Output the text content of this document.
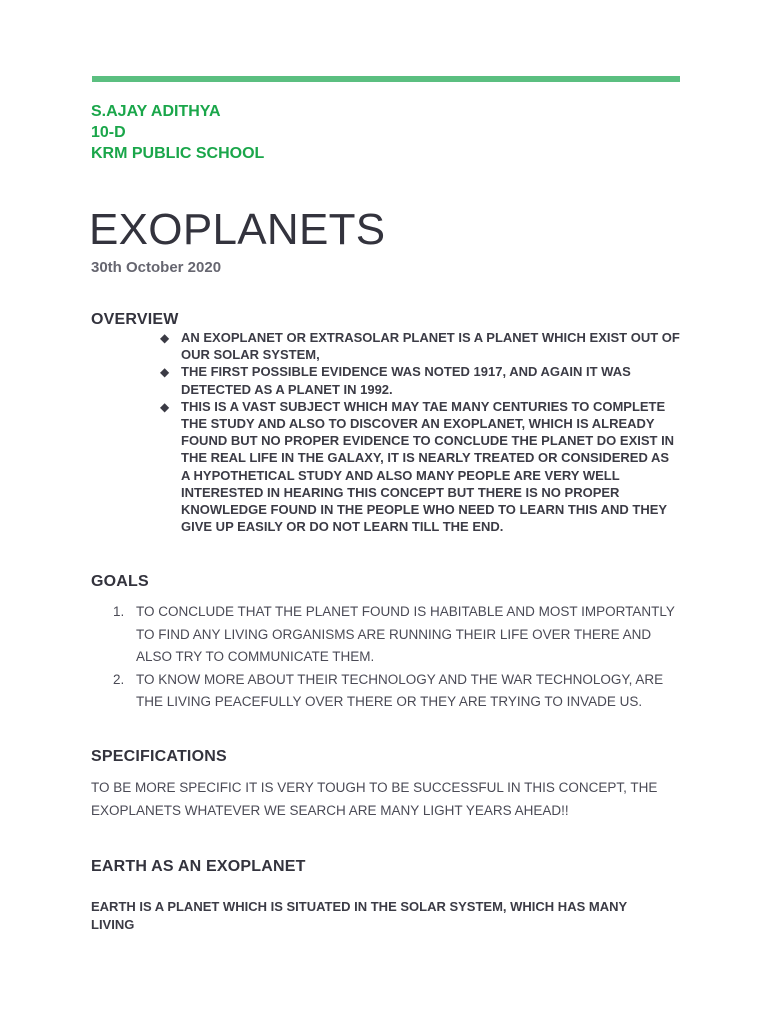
S.AJAY ADITHYA
10-D
KRM PUBLIC SCHOOL
EXOPLANETS
30th October 2020
OVERVIEW
◆ AN EXOPLANET OR EXTRASOLAR PLANET IS A PLANET WHICH EXIST OUT OF OUR SOLAR SYSTEM,
◆ THE FIRST POSSIBLE EVIDENCE WAS NOTED 1917, AND AGAIN IT WAS DETECTED AS A PLANET IN 1992.
◆ THIS IS A VAST SUBJECT WHICH MAY TAE MANY CENTURIES TO COMPLETE THE STUDY AND ALSO TO DISCOVER AN EXOPLANET, WHICH IS ALREADY FOUND BUT NO PROPER EVIDENCE TO CONCLUDE THE PLANET DO EXIST IN THE REAL LIFE IN THE GALAXY, IT IS NEARLY TREATED OR CONSIDERED AS A HYPOTHETICAL STUDY AND ALSO MANY PEOPLE ARE VERY WELL INTERESTED IN HEARING THIS CONCEPT BUT THERE IS NO PROPER KNOWLEDGE FOUND IN THE PEOPLE WHO NEED TO LEARN THIS AND THEY GIVE UP EASILY OR DO NOT LEARN TILL THE END.
GOALS
1. TO CONCLUDE THAT THE PLANET FOUND IS HABITABLE AND MOST IMPORTANTLY TO FIND ANY LIVING ORGANISMS ARE RUNNING THEIR LIFE OVER THERE AND ALSO TRY TO COMMUNICATE THEM.
2. TO KNOW MORE ABOUT THEIR TECHNOLOGY AND THE WAR TECHNOLOGY, ARE THE LIVING PEACEFULLY OVER THERE OR THEY ARE TRYING TO INVADE US.
SPECIFICATIONS

TO BE MORE SPECIFIC IT IS VERY TOUGH TO BE SUCCESSFUL IN THIS CONCEPT, THE EXOPLANETS WHATEVER WE SEARCH ARE MANY LIGHT YEARS AHEAD!!

EARTH AS AN EXOPLANET

EARTH IS A PLANET WHICH IS SITUATED IN THE SOLAR SYSTEM, WHICH HAS MANY LIVING
